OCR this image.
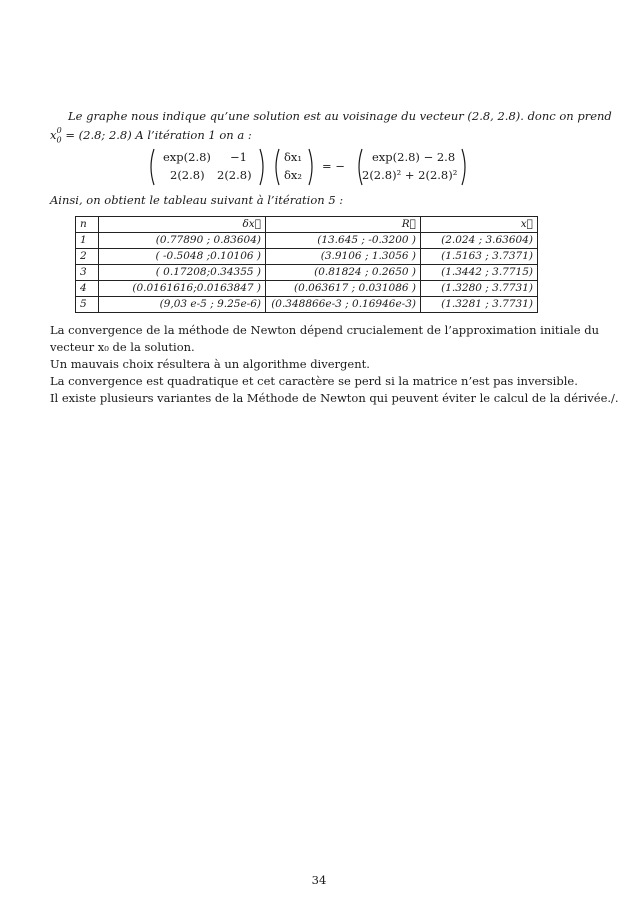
Le graphe nous indique qu’une solution est au voisinage du vecteur (2.8, 2.8). donc on prend
$x_0^0 = (2.8$; 2.8) A l’itération 1 on a :
exp(2.8) −1
2(2.8) 2(2.8)
δx₁
δx₂
= −
exp(2.8) − 2.8
2(2.8)² + 2(2.8)²
Ainsi, on obtient le tableau suivant à l’itération 5 :
n	δx⃗	R⃗	x⃗
1	(0.77890 ; 0.83604)	(13.645 ; -0.3200 )	(2.024 ; 3.63604)
2	( -0.5048 ;0.10106 )	(3.9106 ; 1.3056 )	(1.5163 ; 3.7371)
3	( 0.17208;0.34355 )	(0.81824 ; 0.2650 )	(1.3442 ; 3.7715)
4	(0.0161616;0.0163847 )	(0.063617 ; 0.031086 )	(1.3280 ; 3.7731)
5	(9,03 e-5 ; 9.25e-6)	(0.348866e-3 ; 0.16946e-3)	(1.3281 ; 3.7731)
La convergence de la méthode de Newton dépend crucialement de l’approximation initiale du
vecteur x₀ de la solution.
Un mauvais choix résultera à un algorithme divergent.
La convergence est quadratique et cet caractère se perd si la matrice n’est pas inversible.
Il existe plusieurs variantes de la Méthode de Newton qui peuvent éviter le calcul de la dérivée./.
34
